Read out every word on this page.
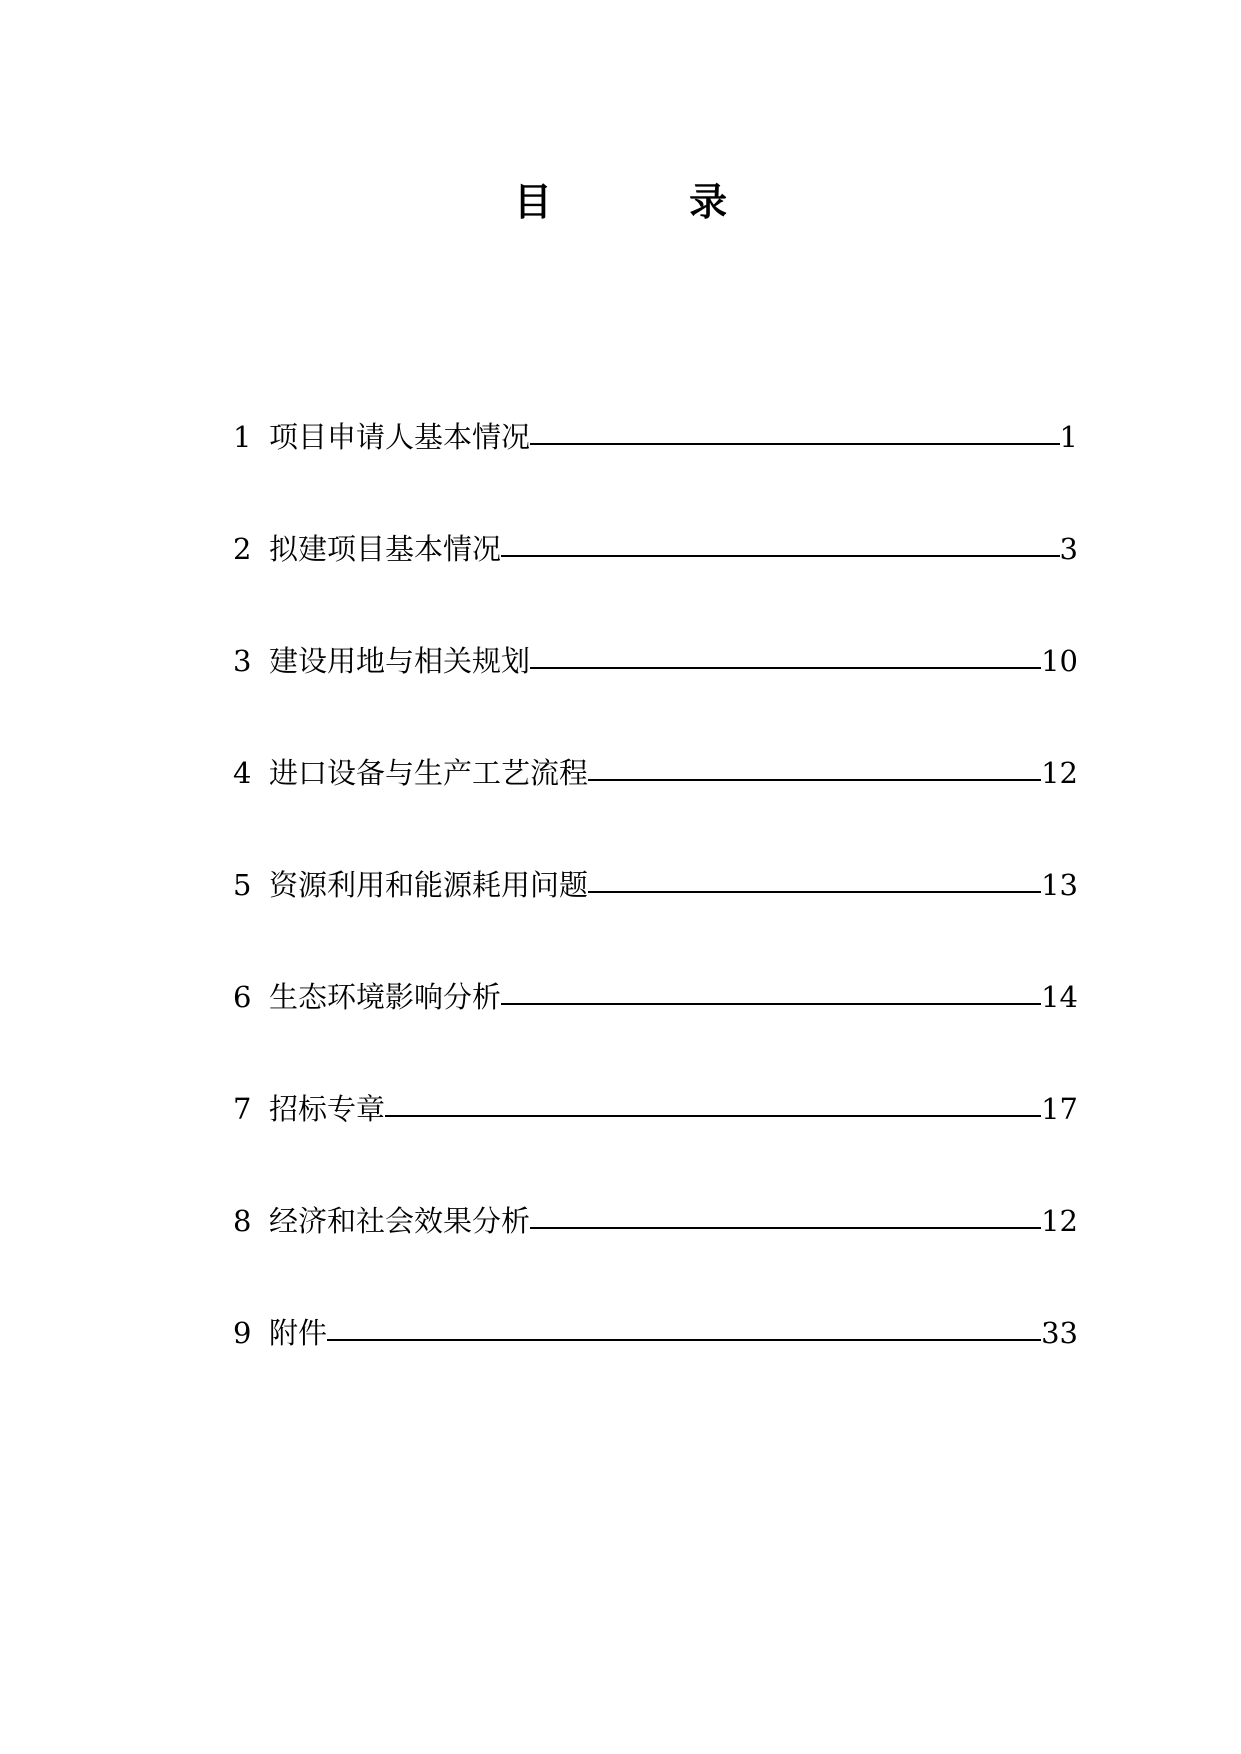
目 录
1 项目申请人基本情况	1
2 拟建项目基本情况	3
3 建设用地与相关规划	10
4 进口设备与生产工艺流程	12
5 资源利用和能源耗用问题	13
6 生态环境影响分析	14
7 招标专章	17
8 经济和社会效果分析	12
9 附件	33
